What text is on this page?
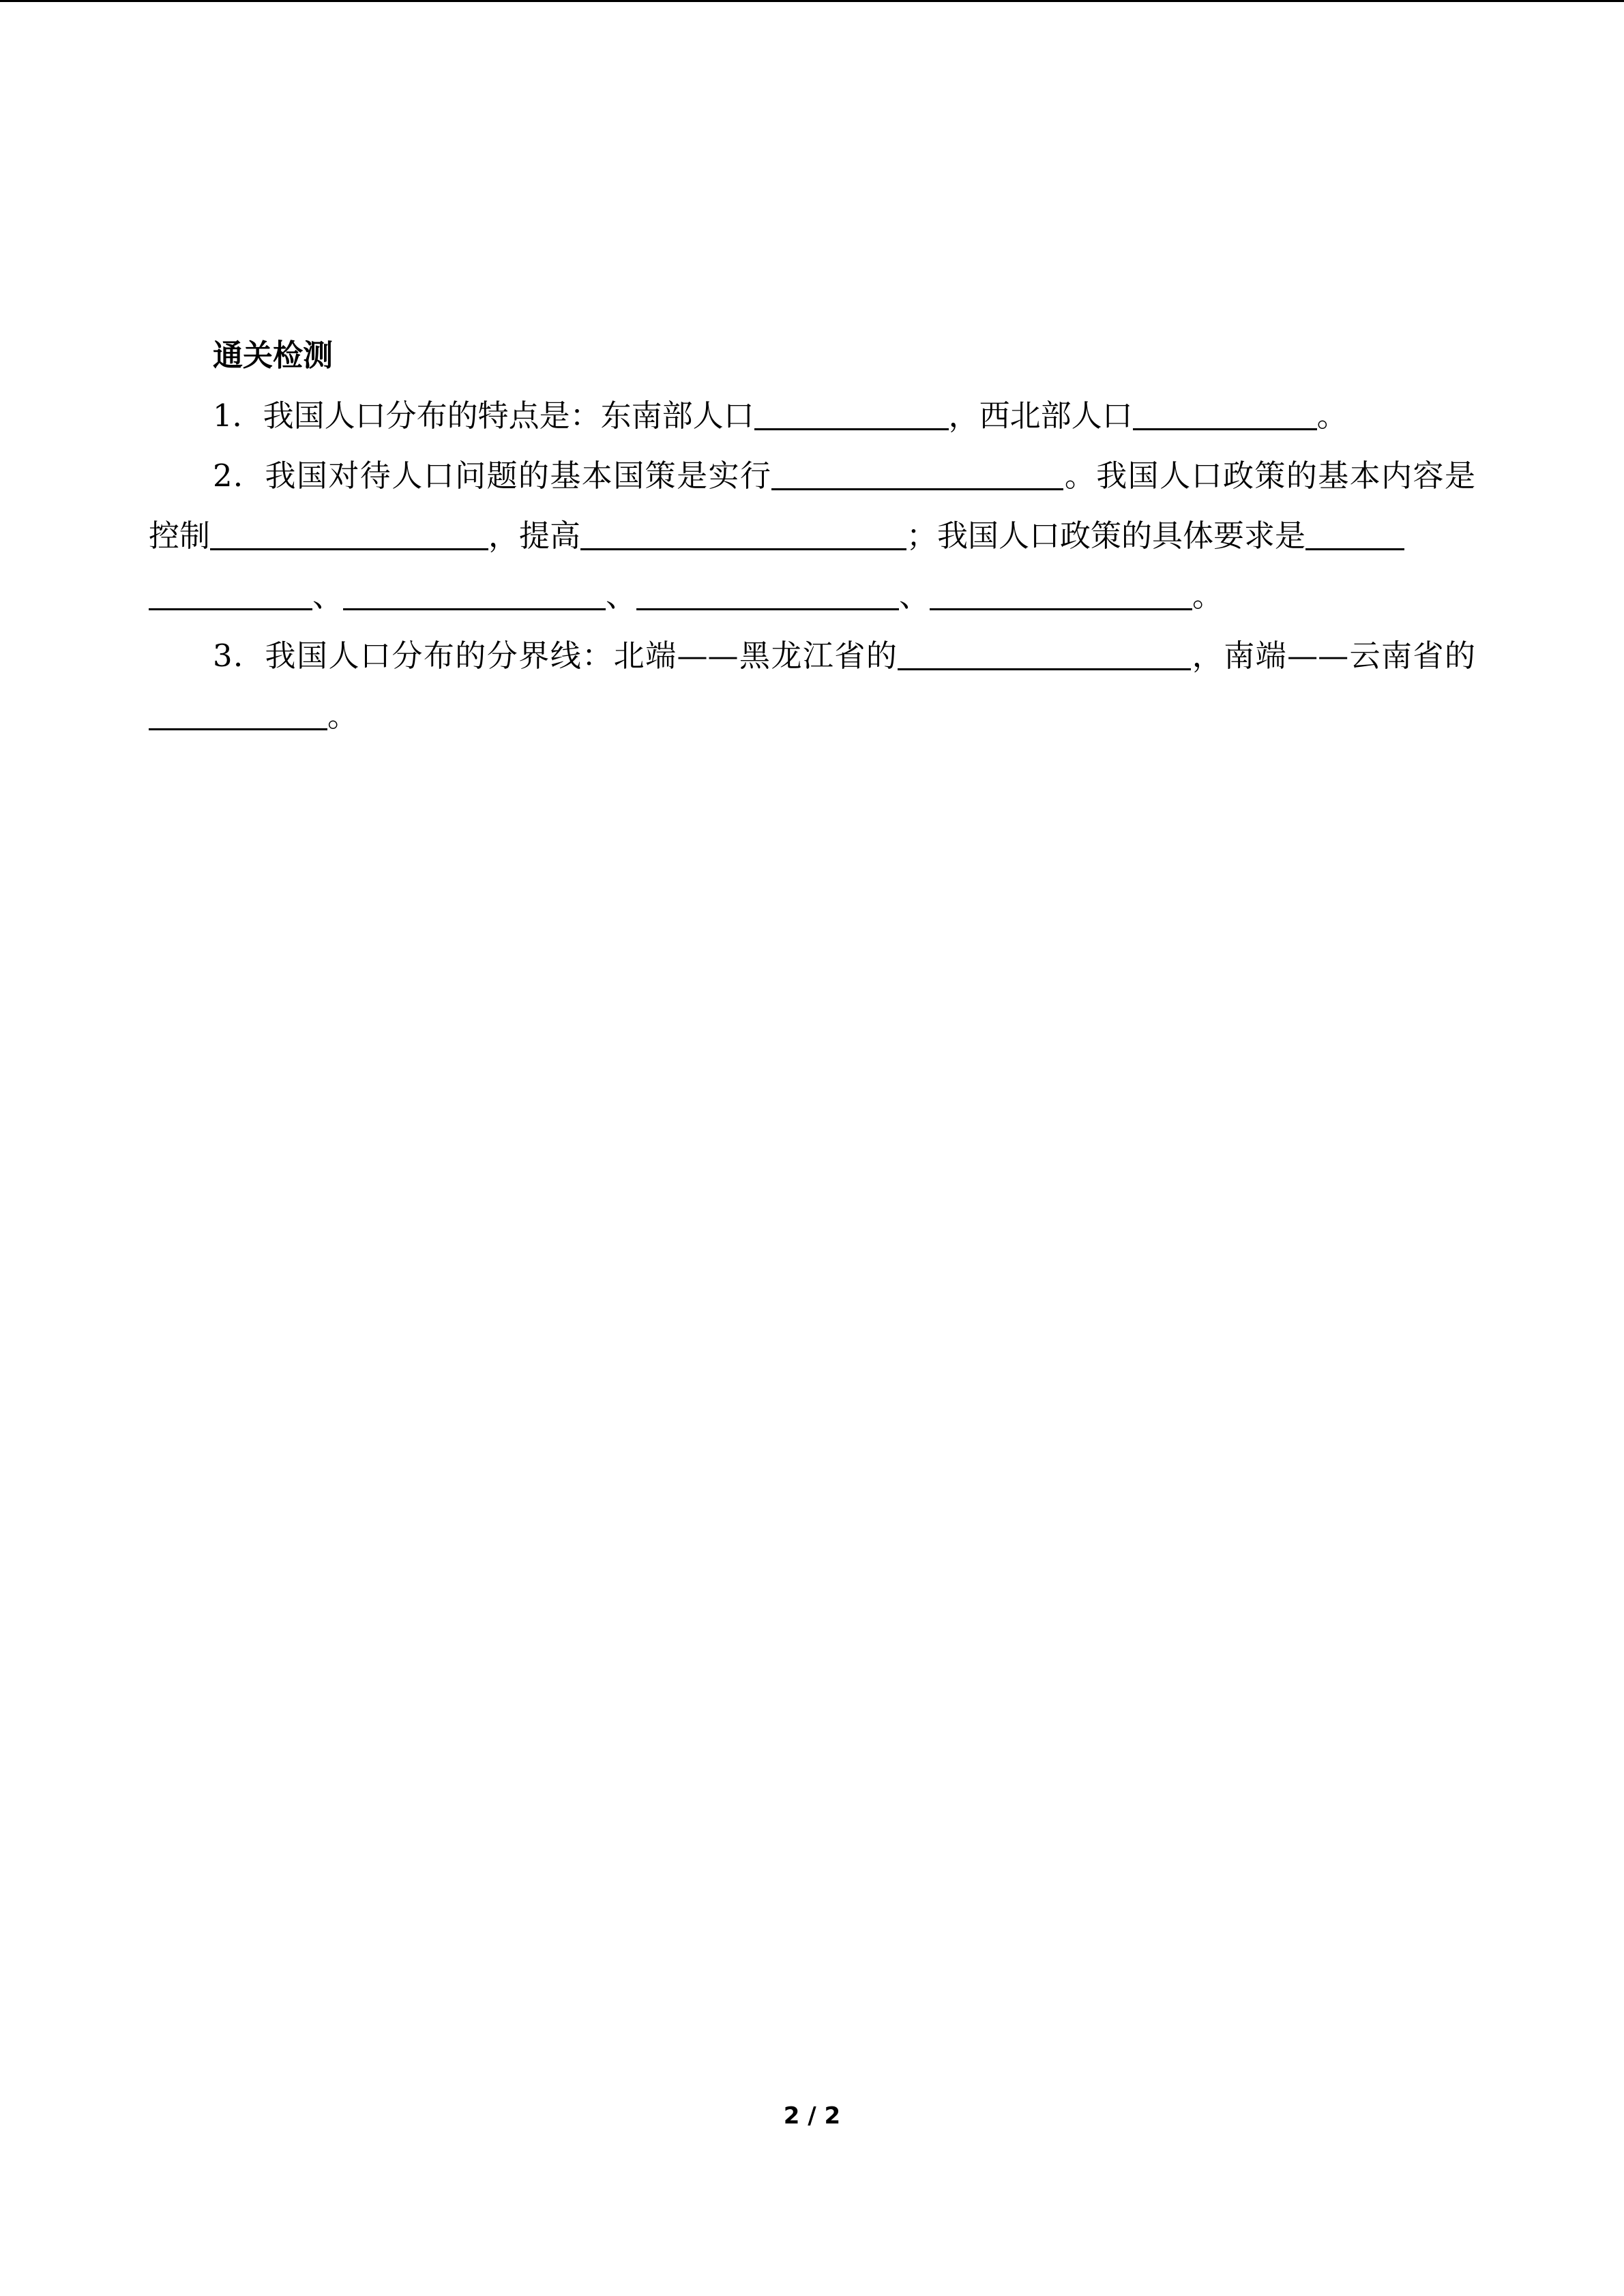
通关检测
1．我国人口分布的特点是：东南部人口	，西北部人口	。
2．我国对待人口问题的基本国策是实行	。我国人口政策的基本内容是控制	，提高	；我国人口政策的具体要求是
、	、	、	。
3．我国人口分布的分界线：北端——黑龙江省的	，南端——云南省的。
2 / 2
